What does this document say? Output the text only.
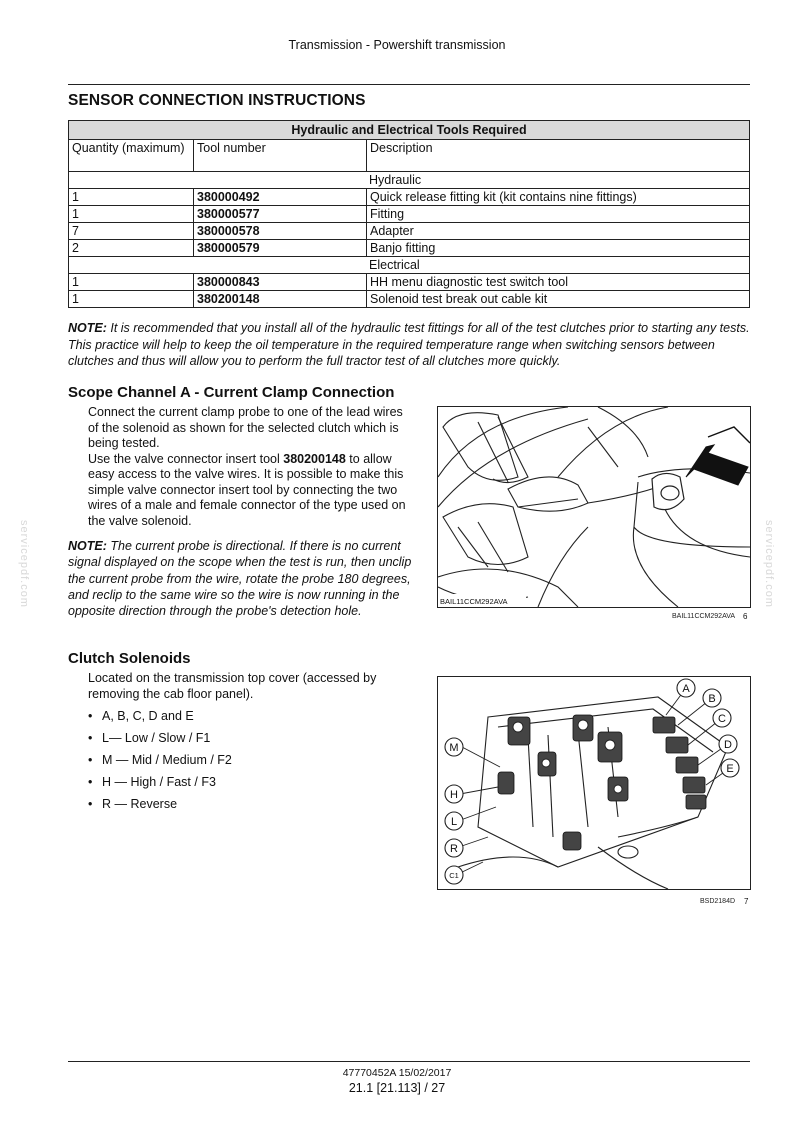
Transmission - Powershift transmission
SENSOR CONNECTION INSTRUCTIONS
Hydraulic and Electrical Tools Required		
Quantity (maximum)	Tool number	Description
Hydraulic		
1	380000492	Quick release fitting kit (kit contains nine fittings)
1	380000577	Fitting
7	380000578	Adapter
2	380000579	Banjo fitting
Electrical		
1	380000843	HH menu diagnostic test switch tool
1	380200148	Solenoid test break out cable kit
NOTE: It is recommended that you install all of the hydraulic test fittings for all of the test clutches prior to starting any tests. This practice will help to keep the oil temperature in the required temperature range when switching sensors between clutches and thus will allow you to perform the full tractor test of all clutches more quickly.
Scope Channel A - Current Clamp Connection
Connect the current clamp probe to one of the lead wires of the solenoid as shown for the selected clutch which is being tested.
Use the valve connector insert tool 380200148 to allow easy access to the valve wires. It is possible to make this simple valve connector insert tool by connecting the two wires of a male and female connector of the type used on the valve solenoid.
NOTE: The current probe is directional. If there is no current signal displayed on the scope when the test is run, then unclip the current probe from the wire, rotate the probe 180 degrees, and reclip to the same wire so the wire is now running in the opposite direction through the probe's detection hole.
BAIL11CCM292AVA
BAIL11CCM292AVA 6
Clutch Solenoids
Located on the transmission top cover (accessed by removing the cab floor panel).
• A, B, C, D and E
• L— Low / Slow / F1
• M — Mid / Medium / F2
• H — High / Fast / F3
• R — Reverse
A
B
C
D
E
M
H
L
R
C1
BSD2184D 7
servicepdf.com	servicepdf.com
47770452A 15/02/2017
21.1 [21.113] / 27
